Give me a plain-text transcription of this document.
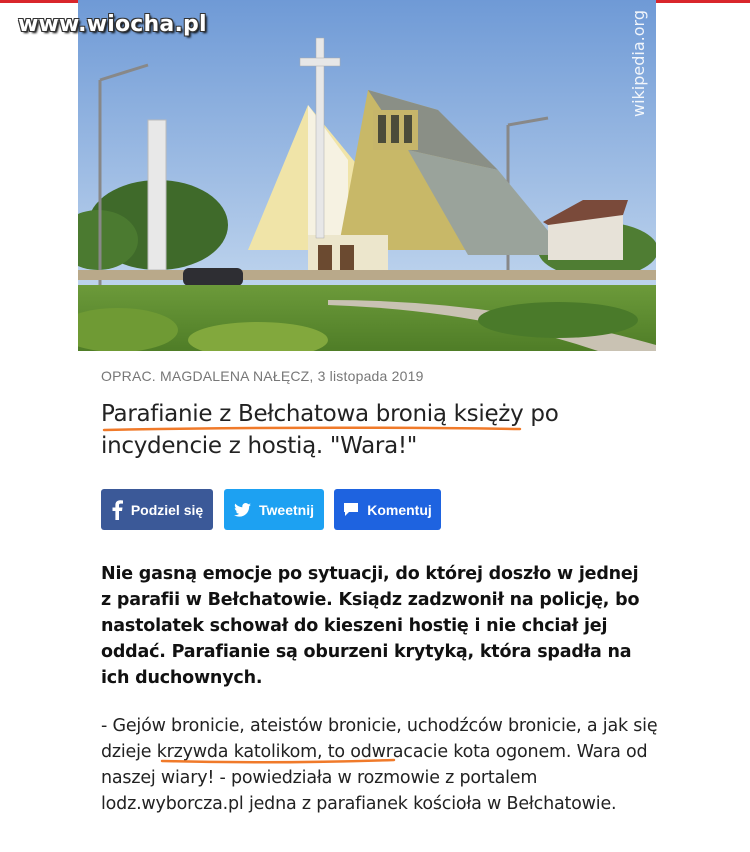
www.wiocha.pl	wikipedia.org
OPRAC. MAGDALENA NAŁĘCZ, 3 listopada 2019
Parafianie z Bełchatowa bronią księży po incydencie z hostią. "Wara!"
Podziel się	Tweetnij	Komentuj

Nie gasną emocje po sytuacji, do której doszło w jednej z parafii w Bełchatowie. Ksiądz zadzwonił na policję, bo nastolatek schował do kieszeni hostię i nie chciał jej oddać. Parafianie są oburzeni krytyką, która spadła na ich duchownych.

- Gejów bronicie, ateistów bronicie, uchodźców bronicie, a jak się dzieje krzywda katolikom, to odwracacie kota ogonem. Wara od naszej wiary! - powiedziała w rozmowie z portalem lodz.wyborcza.pl jedna z parafianek kościoła w Bełchatowie.
